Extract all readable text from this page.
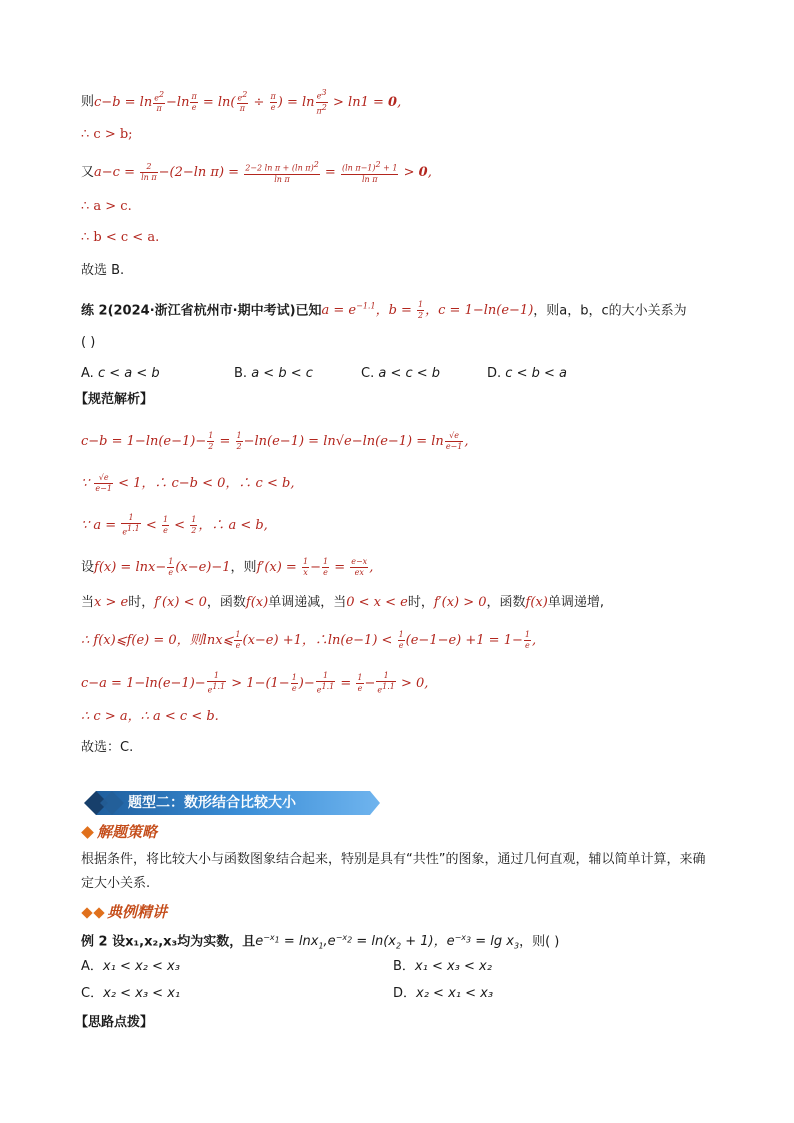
则$c-b = \ln \frac{e^2}{\pi} -\ln \frac{\pi}{e} = \ln( \frac{e^2}{\pi} \div \frac{\pi}{e}$ ) = $\ln \frac{e^3}{\pi^2} > \ln 1 = 0$,
∴ c > b;
又$a-c = \frac{2}{\text{ln π}} -(2-\ln$ $\pi) = \frac{2-2 \ln \pi + (\ln \pi)^2}{\text{ln π}} = \frac{(\ln \pi-1)^2 + 1}{\text{ln π}} > 0$,
∴ a > c.
∴ b < c < a.
故选 B.
练 2(2024·浙江省杭州市·期中考试)已知$a = e^{-1.1}$，$b = \frac{1}{2}$ ，c = 1−ln(e−1)，则a，b，c的大小关系为
( )
A. c < a < b	B. a < b < c	C. a < c < b	D. c < b < a
【规范解析】
$c-b = 1-\ln(e-1)- \frac{1}{2} = \frac{1}{2} -\ln(e-1) = \ln√e-\ln(e-1) = \ln \frac{√e}{e-1}$ ,
∵ $\frac{√e}{e-1} < 1$，∴ c−b < 0，∴ c < b,
∵ $a = \frac{1}{e^{1.1}} < \frac{1}{e} < \frac{1}{2}$ ，∴ a < b,
设$f(x) = \ln x- \frac{1}{e} (x-e)-1$，则$f'(x) = \frac{1}{x} - \frac{1}{e} = \frac{e-x}{ex}$ ,
当x > e时，f′(x) < 0，函数f(x)单调递减，当0 < x < e时，f′(x) > 0，函数f(x)单调递增,
∴ f(x)⩽f(e) = 0，则lnx⩽ $\frac{1}{e} (x-e) +1$，∴ln(e−1) < $\frac{1}{e} (e-1-e) +1 = 1- \frac{1}{e}$ ,
$c-a = 1-\ln(e-1)- \frac{1}{e^{1.1}} > 1-(1- \frac{1}{e}$ )− $\frac{1}{e^{1.1}} = \frac{1}{e} - \frac{1}{e^{1.1}} > 0$,
∴ c > a，∴ a < c < b.
故选：C.
题型二：数形结合比较大小
解题策略
根据条件，将比较大小与函数图象结合起来，特别是具有“共性”的图象，通过几何直观，辅以简单计算，来确定大小关系.
典例精讲
例 2 设x₁,x₂,x₃均为实数，且$e^{-x_1} = \ln x_1,e^{-x_2} = \ln(x_2 + 1)$，$e^{-x_3} = \lg x_3$，则( )
A．x₁ < x₂ < x₃	B．x₁ < x₃ < x₂
C．x₂ < x₃ < x₁	D．x₂ < x₁ < x₃
【思路点拨】
